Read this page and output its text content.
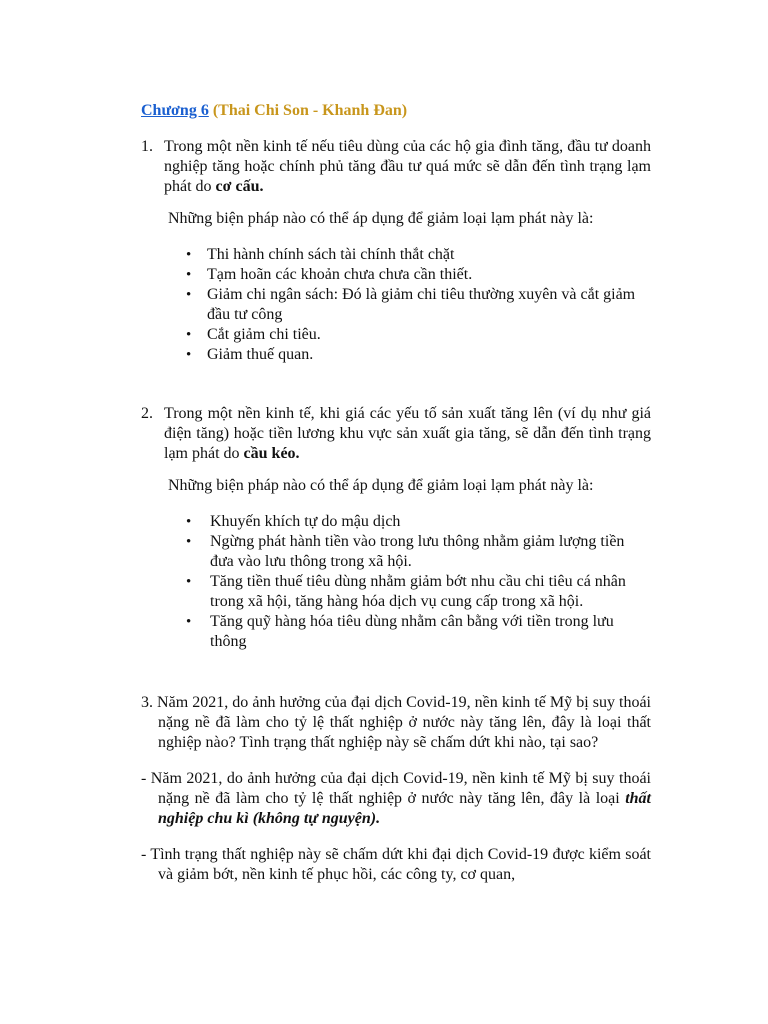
Chương 6 (Thai Chi Son - Khanh Đan)
1. Trong một nền kinh tế nếu tiêu dùng của các hộ gia đình tăng, đầu tư doanh nghiệp tăng hoặc chính phủ tăng đầu tư quá mức sẽ dẫn đến tình trạng lạm phát do cơ cấu.
Những biện pháp nào có thể áp dụng để giảm loại lạm phát này là:
•
Thi hành chính sách tài chính thắt chặt
•
Tạm hoãn các khoản chưa chưa cần thiết.
•
Giảm chi ngân sách: Đó là giảm chi tiêu thường xuyên và cắt giảm đầu tư công
•
Cắt giảm chi tiêu.
•
Giảm thuế quan.
2. Trong một nền kinh tế, khi giá các yếu tố sản xuất tăng lên (ví dụ như giá điện tăng) hoặc tiền lương khu vực sản xuất gia tăng, sẽ dẫn đến tình trạng lạm phát do cầu kéo.
Những biện pháp nào có thể áp dụng để giảm loại lạm phát này là:
•
Khuyến khích tự do mậu dịch
•
Ngừng phát hành tiền vào trong lưu thông nhằm giảm lượng tiền đưa vào lưu thông trong xã hội.
•
Tăng tiền thuế tiêu dùng nhằm giảm bớt nhu cầu chi tiêu cá nhân trong xã hội, tăng hàng hóa dịch vụ cung cấp trong xã hội.
•
Tăng quỹ hàng hóa tiêu dùng nhằm cân bằng với tiền trong lưu thông

3. Năm 2021, do ảnh hưởng của đại dịch Covid-19, nền kinh tế Mỹ bị suy thoái nặng nề đã làm cho tỷ lệ thất nghiệp ở nước này tăng lên, đây là loại thất nghiệp nào? Tình trạng thất nghiệp này sẽ chấm dứt khi nào, tại sao?

- Năm 2021, do ảnh hưởng của đại dịch Covid-19, nền kinh tế Mỹ bị suy thoái nặng nề đã làm cho tỷ lệ thất nghiệp ở nước này tăng lên, đây là loại thất nghiệp chu kì (không tự nguyện).

- Tình trạng thất nghiệp này sẽ chấm dứt khi đại dịch Covid-19 được kiểm soát và giảm bớt, nền kinh tế phục hồi, các công ty, cơ quan,
